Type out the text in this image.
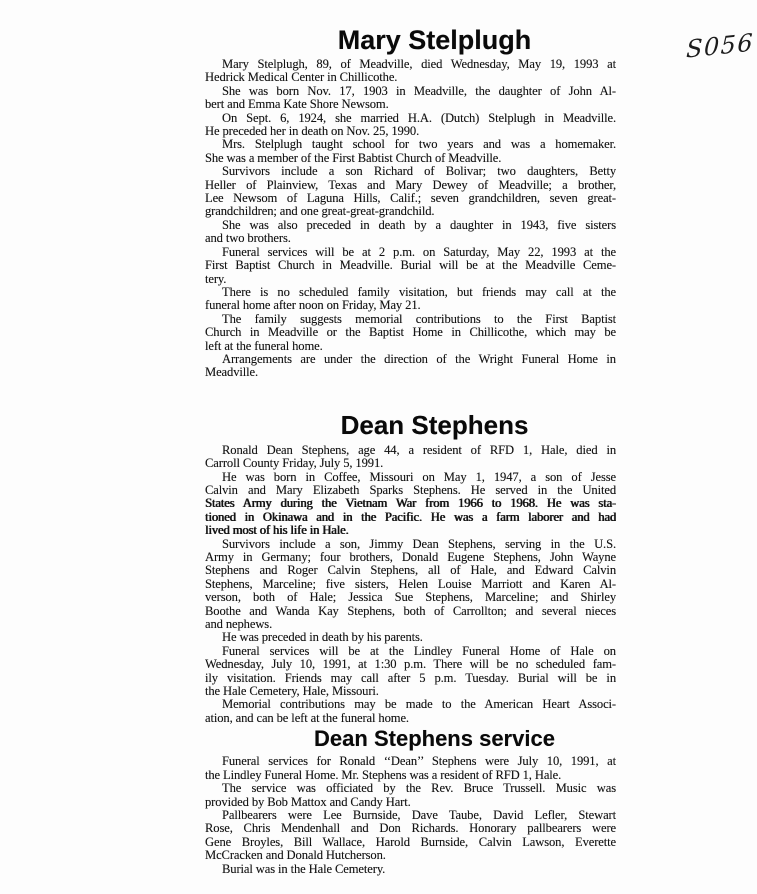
S056
Mary Stelplugh
Mary Stelplugh, 89, of Meadville, died Wednesday, May 19, 1993 at
Hedrick Medical Center in Chillicothe.
She was born Nov. 17, 1903 in Meadville, the daughter of John Al-
bert and Emma Kate Shore Newsom.
On Sept. 6, 1924, she married H.A. (Dutch) Stelplugh in Meadville.
He preceded her in death on Nov. 25, 1990.
Mrs. Stelplugh taught school for two years and was a homemaker.
She was a member of the First Babtist Church of Meadville.
Survivors include a son Richard of Bolivar; two daughters, Betty
Heller of Plainview, Texas and Mary Dewey of Meadville; a brother,
Lee Newsom of Laguna Hills, Calif.; seven grandchildren, seven great-
grandchildren; and one great-great-grandchild.
She was also preceded in death by a daughter in 1943, five sisters
and two brothers.
Funeral services will be at 2 p.m. on Saturday, May 22, 1993 at the
First Baptist Church in Meadville. Burial will be at the Meadville Ceme-
tery.
There is no scheduled family visitation, but friends may call at the
funeral home after noon on Friday, May 21.
The family suggests memorial contributions to the First Baptist
Church in Meadville or the Baptist Home in Chillicothe, which may be
left at the funeral home.
Arrangements are under the direction of the Wright Funeral Home in
Meadville.
Dean Stephens
Ronald Dean Stephens, age 44, a resident of RFD 1, Hale, died in
Carroll County Friday, July 5, 1991.
He was born in Coffee, Missouri on May 1, 1947, a son of Jesse
Calvin and Mary Elizabeth Sparks Stephens. He served in the United
States Army during the Vietnam War from 1966 to 1968. He was sta-
tioned in Okinawa and in the Pacific. He was a farm laborer and had
lived most of his life in Hale.
Survivors include a son, Jimmy Dean Stephens, serving in the U.S.
Army in Germany; four brothers, Donald Eugene Stephens, John Wayne
Stephens and Roger Calvin Stephens, all of Hale, and Edward Calvin
Stephens, Marceline; five sisters, Helen Louise Marriott and Karen Al-
verson, both of Hale; Jessica Sue Stephens, Marceline; and Shirley
Boothe and Wanda Kay Stephens, both of Carrollton; and several nieces
and nephews.
He was preceded in death by his parents.
Funeral services will be at the Lindley Funeral Home of Hale on
Wednesday, July 10, 1991, at 1:30 p.m. There will be no scheduled fam-
ily visitation. Friends may call after 5 p.m. Tuesday. Burial will be in
the Hale Cemetery, Hale, Missouri.
Memorial contributions may be made to the American Heart Associ-
ation, and can be left at the funeral home.
Dean Stephens service
Funeral services for Ronald ‘‘Dean’’ Stephens were July 10, 1991, at
the Lindley Funeral Home. Mr. Stephens was a resident of RFD 1, Hale.
The service was officiated by the Rev. Bruce Trussell. Music was
provided by Bob Mattox and Candy Hart.
Pallbearers were Lee Burnside, Dave Taube, David Lefler, Stewart
Rose, Chris Mendenhall and Don Richards. Honorary pallbearers were
Gene Broyles, Bill Wallace, Harold Burnside, Calvin Lawson, Everette
McCracken and Donald Hutcherson.
Burial was in the Hale Cemetery.
